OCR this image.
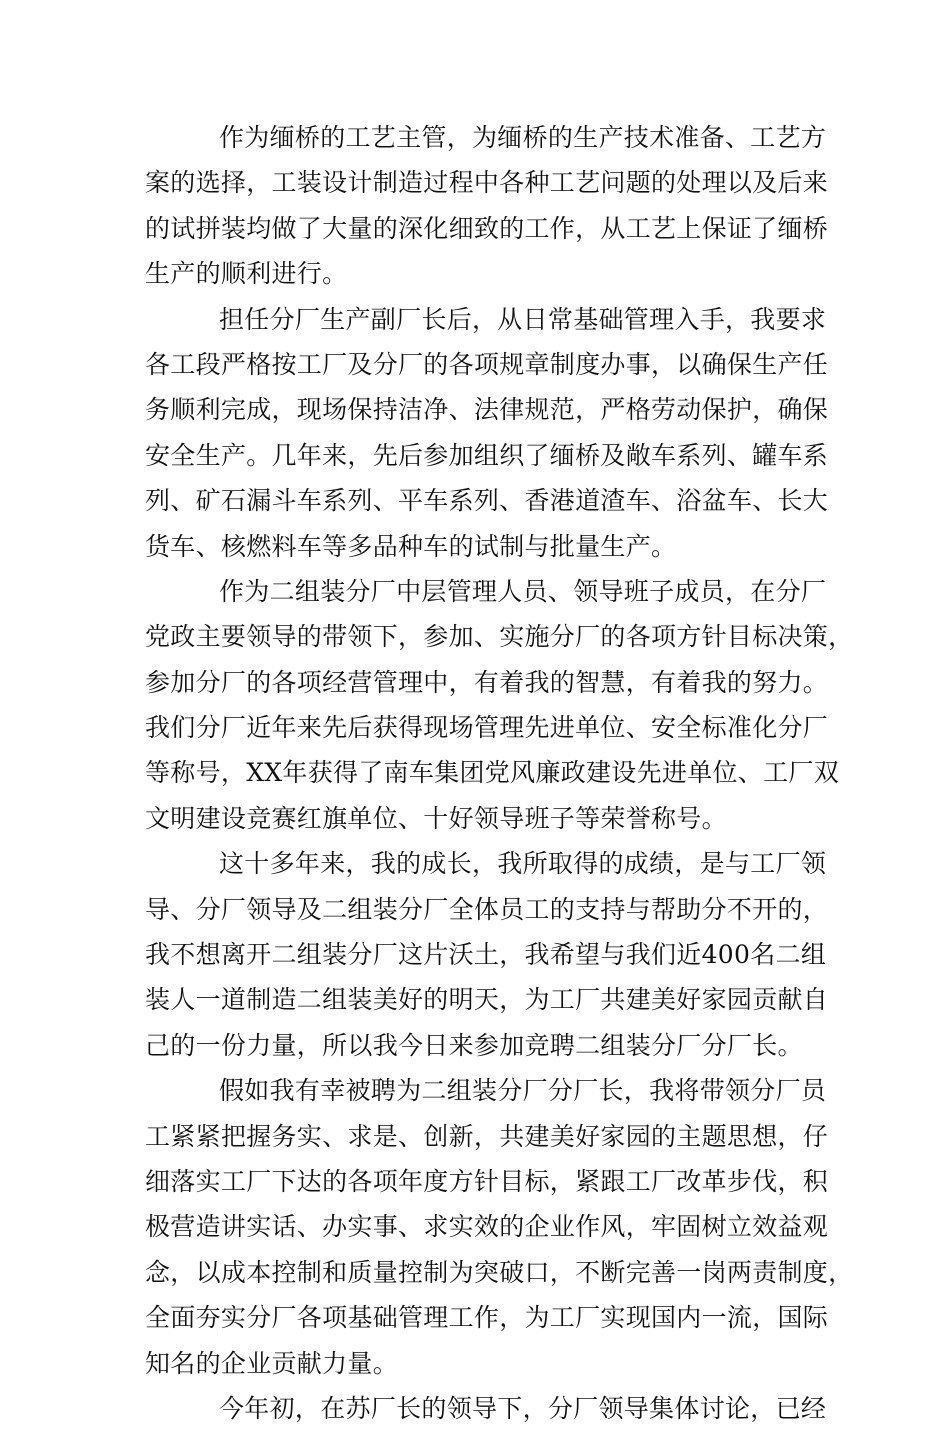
作为缅桥的工艺主管，为缅桥的生产技术准备、工艺方
案的选择，工装设计制造过程中各种工艺问题的处理以及后来
的试拼装均做了大量的深化细致的工作，从工艺上保证了缅桥
生产的顺利进行。
担任分厂生产副厂长后，从日常基础管理入手，我要求
各工段严格按工厂及分厂的各项规章制度办事，以确保生产任
务顺利完成，现场保持洁净、法律规范，严格劳动保护，确保
安全生产。几年来，先后参加组织了缅桥及敞车系列、罐车系
列、矿石漏斗车系列、平车系列、香港道渣车、浴盆车、长大
货车、核燃料车等多品种车的试制与批量生产。
作为二组装分厂中层管理人员、领导班子成员，在分厂
党政主要领导的带领下，参加、实施分厂的各项方针目标决策，
参加分厂的各项经营管理中，有着我的智慧，有着我的努力。
我们分厂近年来先后获得现场管理先进单位、安全标准化分厂
等称号，XX年获得了南车集团党风廉政建设先进单位、工厂双
文明建设竞赛红旗单位、十好领导班子等荣誉称号。
这十多年来，我的成长，我所取得的成绩，是与工厂领
导、分厂领导及二组装分厂全体员工的支持与帮助分不开的，
我不想离开二组装分厂这片沃土，我希望与我们近400名二组
装人一道制造二组装美好的明天，为工厂共建美好家园贡献自
己的一份力量，所以我今日来参加竞聘二组装分厂分厂长。
假如我有幸被聘为二组装分厂分厂长，我将带领分厂员
工紧紧把握务实、求是、创新，共建美好家园的主题思想，仔
细落实工厂下达的各项年度方针目标，紧跟工厂改革步伐，积
极营造讲实话、办实事、求实效的企业作风，牢固树立效益观
念，以成本控制和质量控制为突破口，不断完善一岗两责制度，
全面夯实分厂各项基础管理工作，为工厂实现国内一流，国际
知名的企业贡献力量。
今年初，在苏厂长的领导下，分厂领导集体讨论，已经
